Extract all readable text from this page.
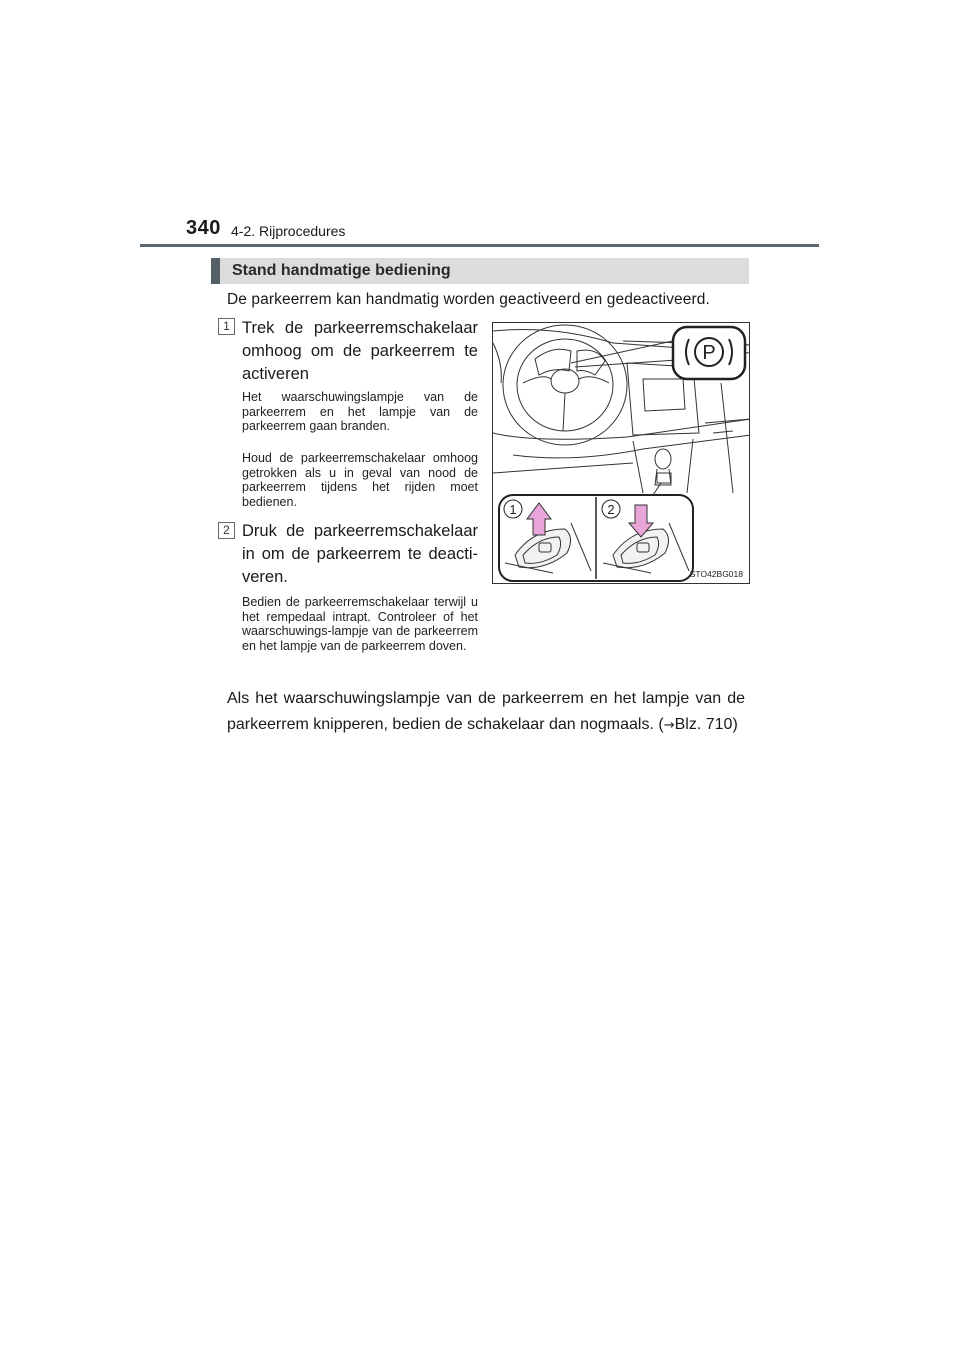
340 4-2. Rijprocedures
Stand handmatige bediening
De parkeerrem kan handmatig worden geactiveerd en gedeactiveerd.
1 Trek de parkeerremschakelaar omhoog om de parkeerrem te activeren
Het waarschuwingslampje van de parkeerrem en het lampje van de parkeerrem gaan branden.
Houd de parkeerremschakelaar omhoog getrokken als u in geval van nood de parkeerrem tijdens het rijden moet bedienen.
2 Druk de parkeerremschakelaar in om de parkeerrem te deacti-veren.
Bedien de parkeerremschakelaar terwijl u het rempedaal intrapt. Controleer of het waarschuwings-lampje van de parkeerrem en het lampje van de parkeerrem doven.
P
1	2
STO42BG018
Als het waarschuwingslampje van de parkeerrem en het lampje van de parkeerrem knipperen, bedien de schakelaar dan nogmaals. (→Blz. 710)
